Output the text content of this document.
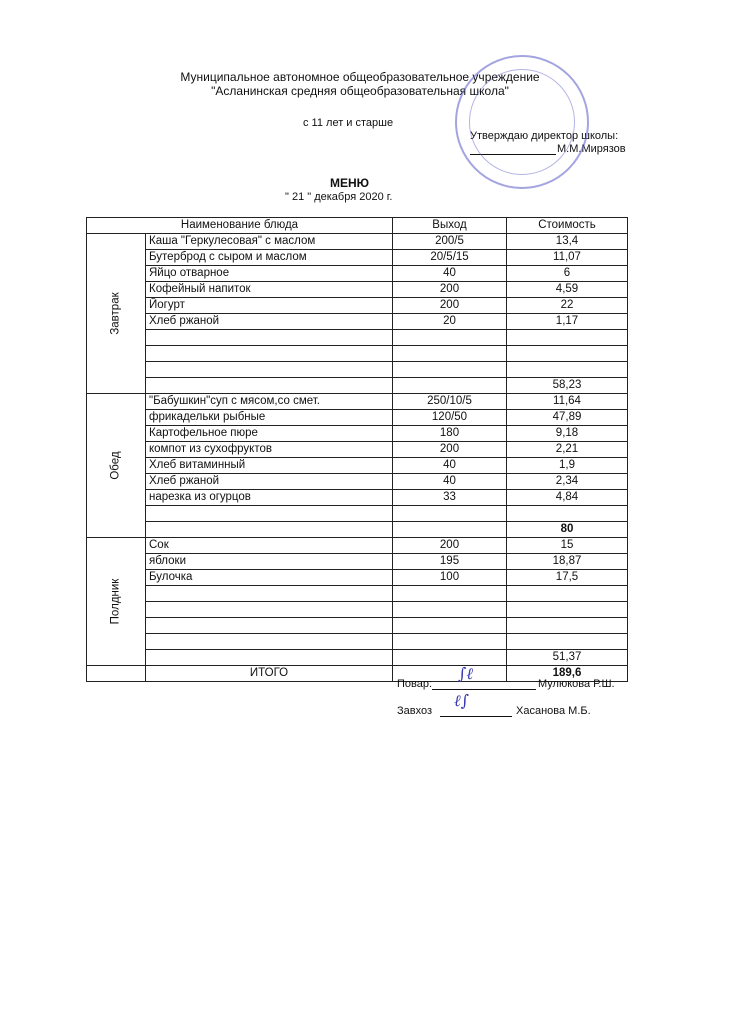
Муниципальное автономное общеобразовательное учреждение
"Асланинская средняя общеобразовательная школа"
с 11 лет и старше
Утверждаю директор школы:
М.М.Мирязов
МЕНЮ
" 21 " декабря 2020 г.
Наименование блюда		Выход	Стоимость

Завтрак	Каша "Геркулесовая" с маслом	200/5	13,4
	Бутерброд с сыром и маслом	20/5/15	11,07
	Яйцо отварное	40	6
	Кофейный напиток	200	4,59
	Йогурт	200	22
	Хлеб ржаной	20	1,17

			58,23

Обед	"Бабушкин"суп с мясом,со смет.	250/10/5	11,64
	фрикадельки рыбные	120/50	47,89
	Картофельное пюре	180	9,18
	компот из сухофруктов	200	2,21
	Хлеб витаминный	40	1,9
	Хлеб ржаной	40	2,34
	нарезка из огурцов	33	4,84

			80

Полдник	Сок	200	15
	яблоки	195	18,87
	Булочка	100	17,5

			51,37
	ИТОГО		189,6
Повар:
∫ℓ
Мулюкова Р.Ш.
Завхоз
ℓ∫
Хасанова М.Б.
